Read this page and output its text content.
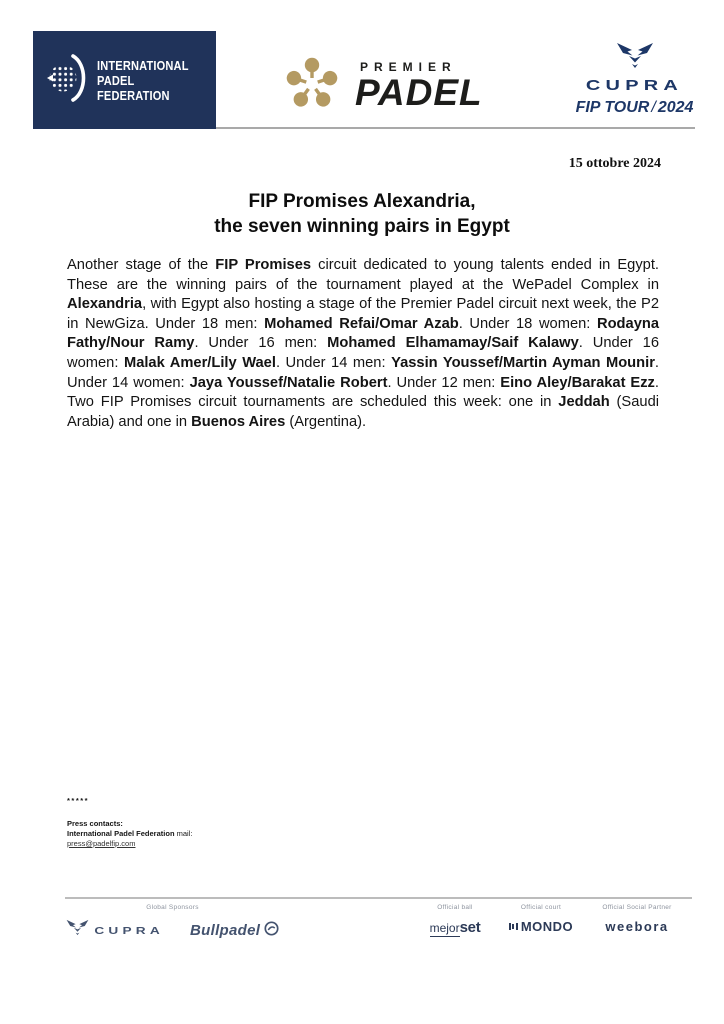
INTERNATIONAL
PADEL
FEDERATION
PREMIER
PADEL	CUPRA
FIP TOUR / 2024
15 ottobre 2024
FIP Promises Alexandria,
the seven winning pairs in Egypt

Another stage of the FIP Promises circuit dedicated to young talents ended in Egypt. These are the winning pairs of the tournament played at the WePadel Complex in Alexandria, with Egypt also hosting a stage of the Premier Padel circuit next week, the P2 in NewGiza. Under 18 men: Mohamed Refai/Omar Azab. Under 18 women: Rodayna Fathy/Nour Ramy. Under 16 men: Mohamed Elhamamay/Saif Kalawy. Under 16 women: Malak Amer/Lily Wael. Under 14 men: Yassin Youssef/Martin Ayman Mounir. Under 14 women: Jaya Youssef/Natalie Robert. Under 12 men: Eino Aley/Barakat Ezz. Two FIP Promises circuit tournaments are scheduled this week: one in Jeddah (Saudi Arabia) and one in Buenos Aires (Argentina).

*****
Press contacts:
International Padel Federation mail:
press@padelfip.com
Global Sponsors
CUPRA Bullpadel
Official ball
mejorset
Official court
MONDO
Official Social Partner
weebora
